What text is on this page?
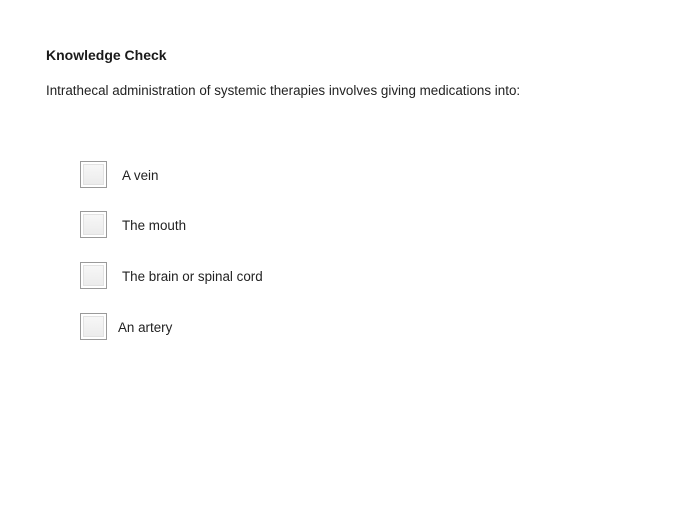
Knowledge Check
Intrathecal administration of systemic therapies involves giving medications into:
A vein
The mouth
The brain or spinal cord
An artery
